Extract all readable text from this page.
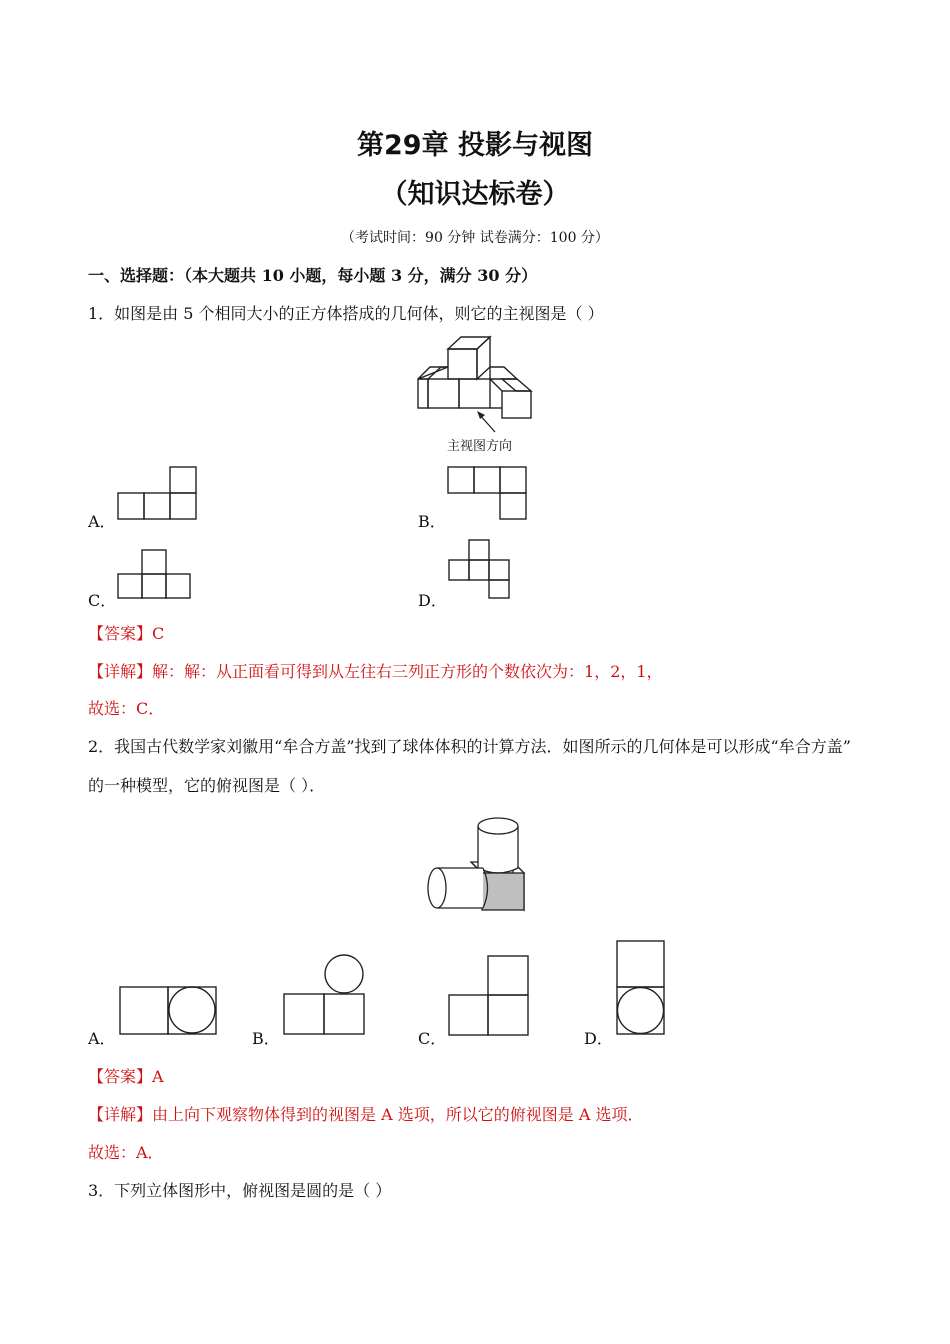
第29章 投影与视图
（知识达标卷）
（考试时间：90 分钟 试卷满分：100 分）
一、选择题：（本大题共 10 小题，每小题 3 分，满分 30 分）
1．如图是由 5 个相同大小的正方体搭成的几何体，则它的主视图是（ ）
主视图方向
A．	B．
C．	D．
【答案】C
【详解】解：解：从正面看可得到从左往右三列正方形的个数依次为：1，2，1，
故选：C．
2．我国古代数学家刘徽用“牟合方盖”找到了球体体积的计算方法．如图所示的几何体是可以形成“牟合方盖”
的一种模型，它的俯视图是（ ）．
A．	B．	C．	D．
【答案】A
【详解】由上向下观察物体得到的视图是 A 选项，所以它的俯视图是 A 选项．
故选：A．
3．下列立体图形中，俯视图是圆的是（ ）
